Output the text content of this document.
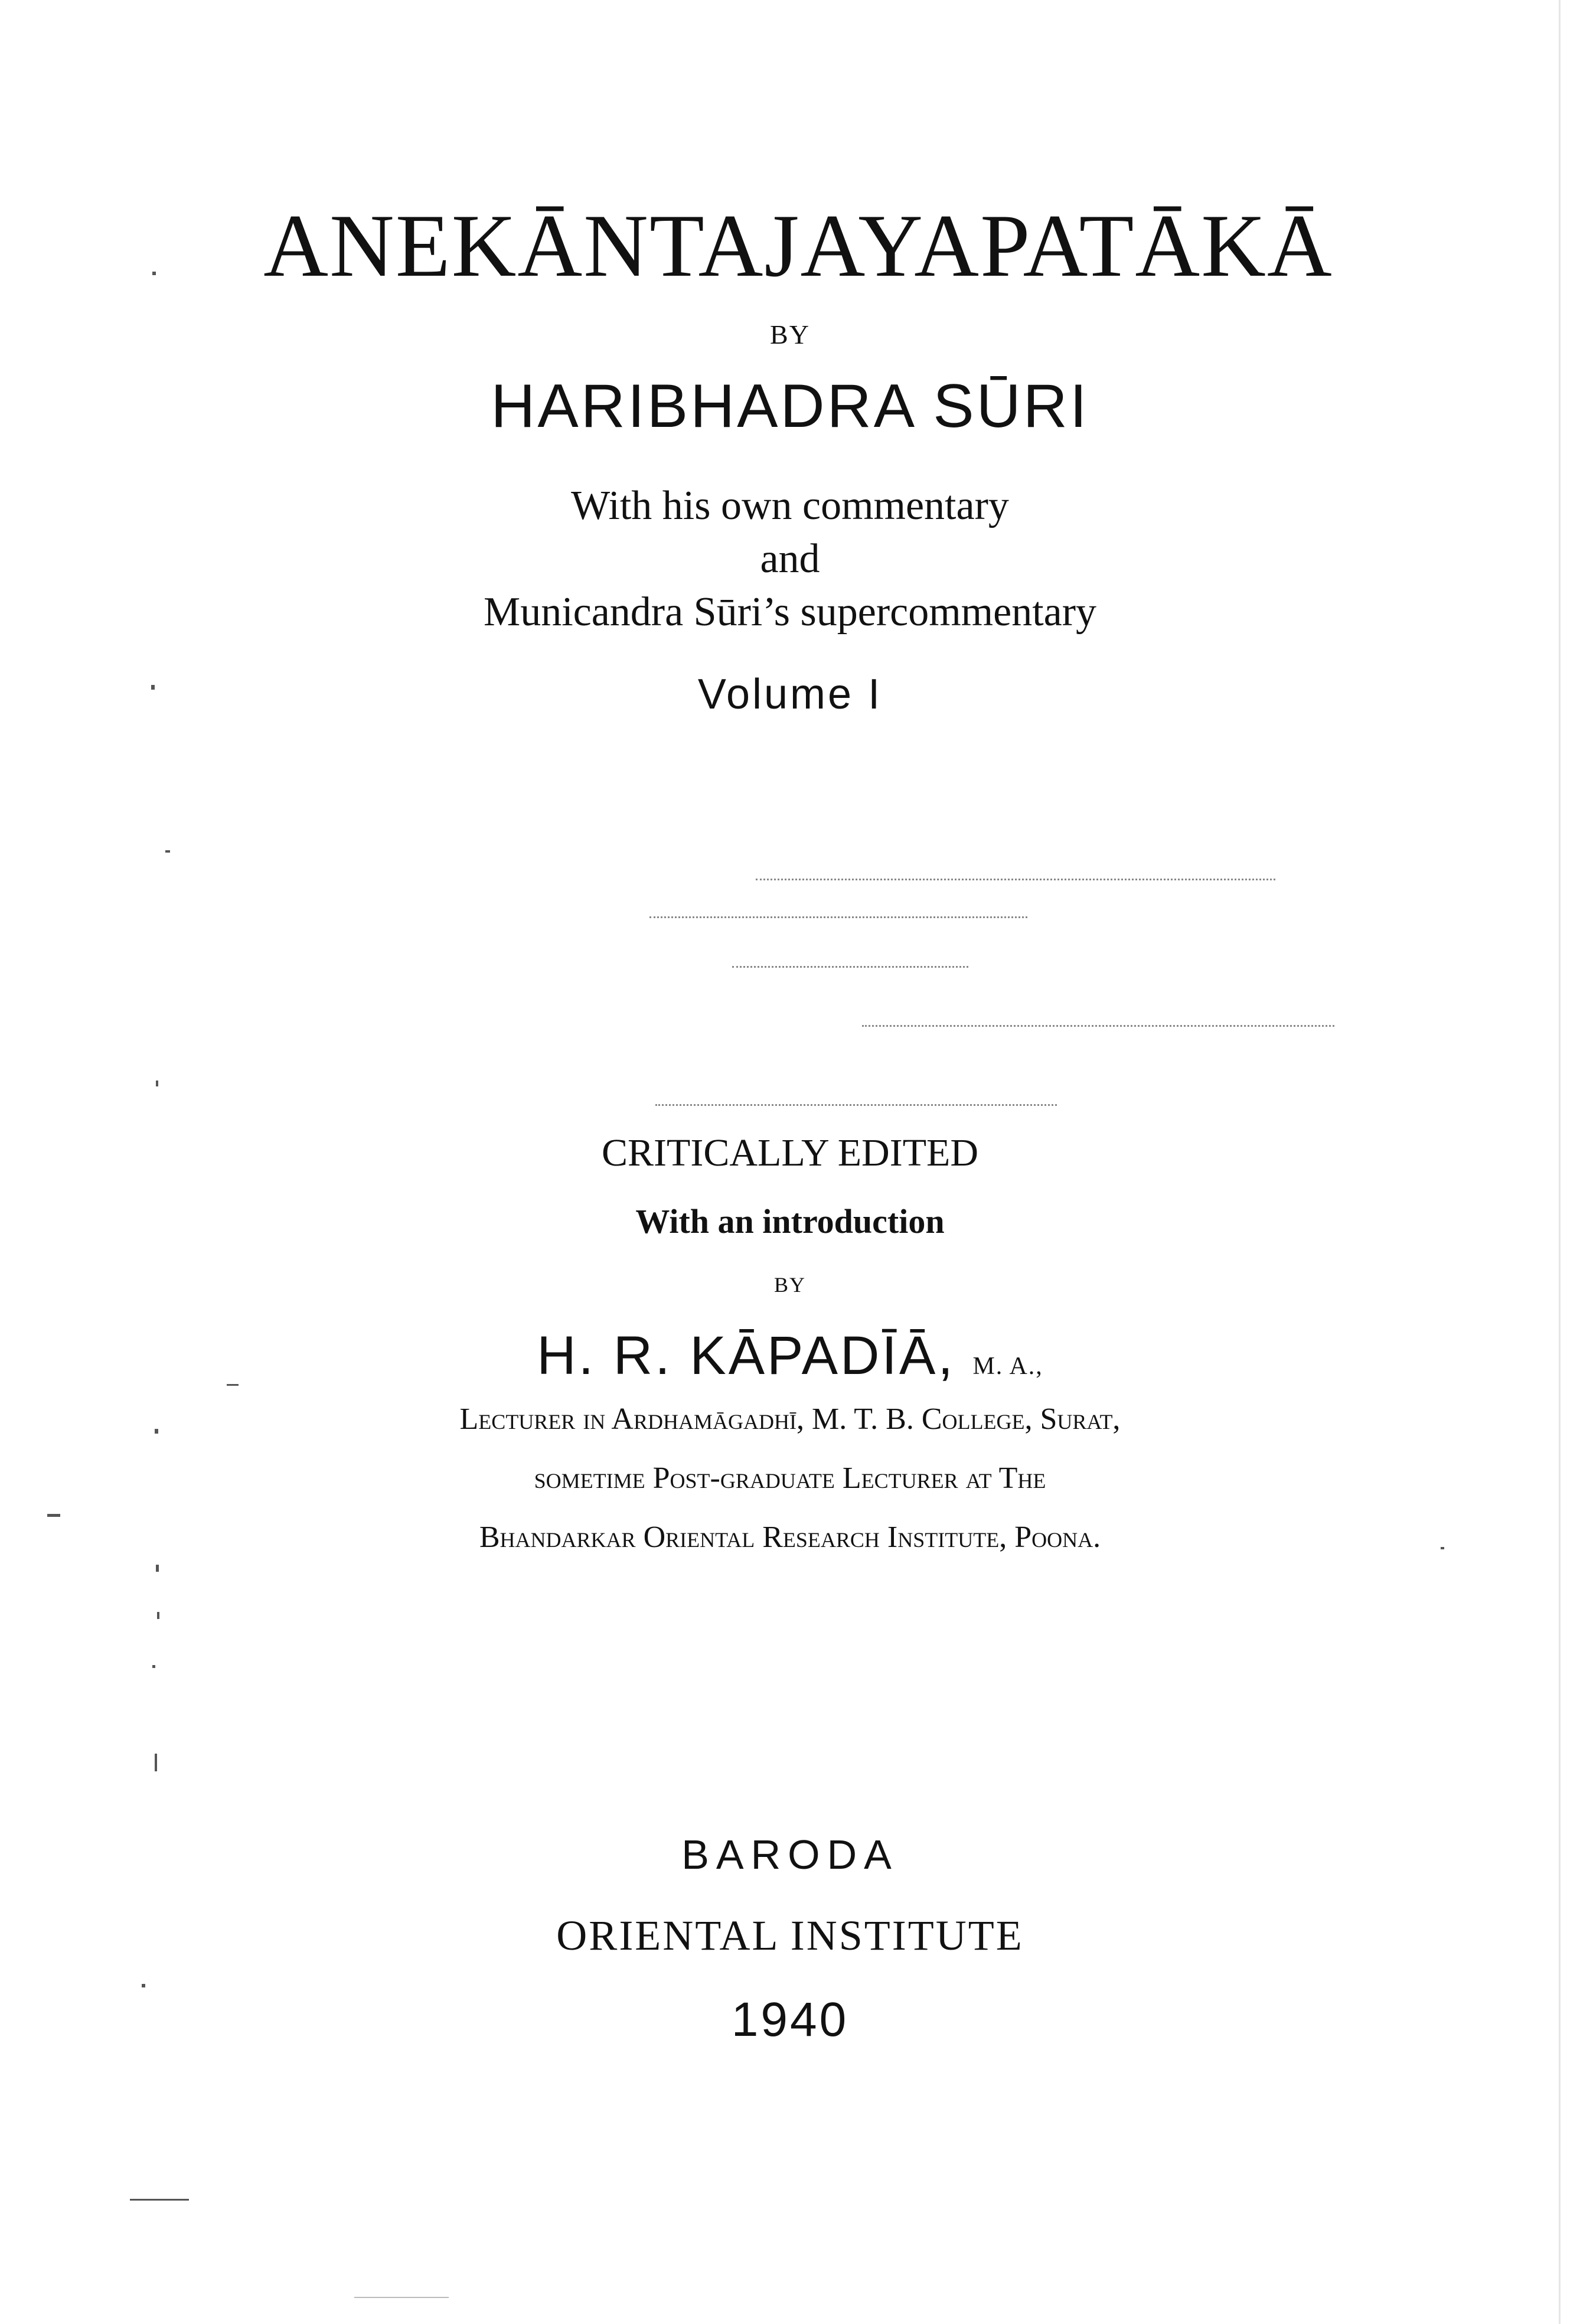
ANEKĀNTAJAYAPATĀKĀ
BY
HARIBHADRA SŪRI
With his own commentary
and
Municandra Sūri’s supercommentary
Volume I
CRITICALLY EDITED
With an introduction
BY
H. R. KĀPADĪĀ, M. A.,
Lecturer in Ardhamāgadhī, M. T. B. College, Surat,
sometime Post-graduate Lecturer at The
Bhandarkar Oriental Research Institute, Poona.
BARODA
ORIENTAL INSTITUTE
1940
